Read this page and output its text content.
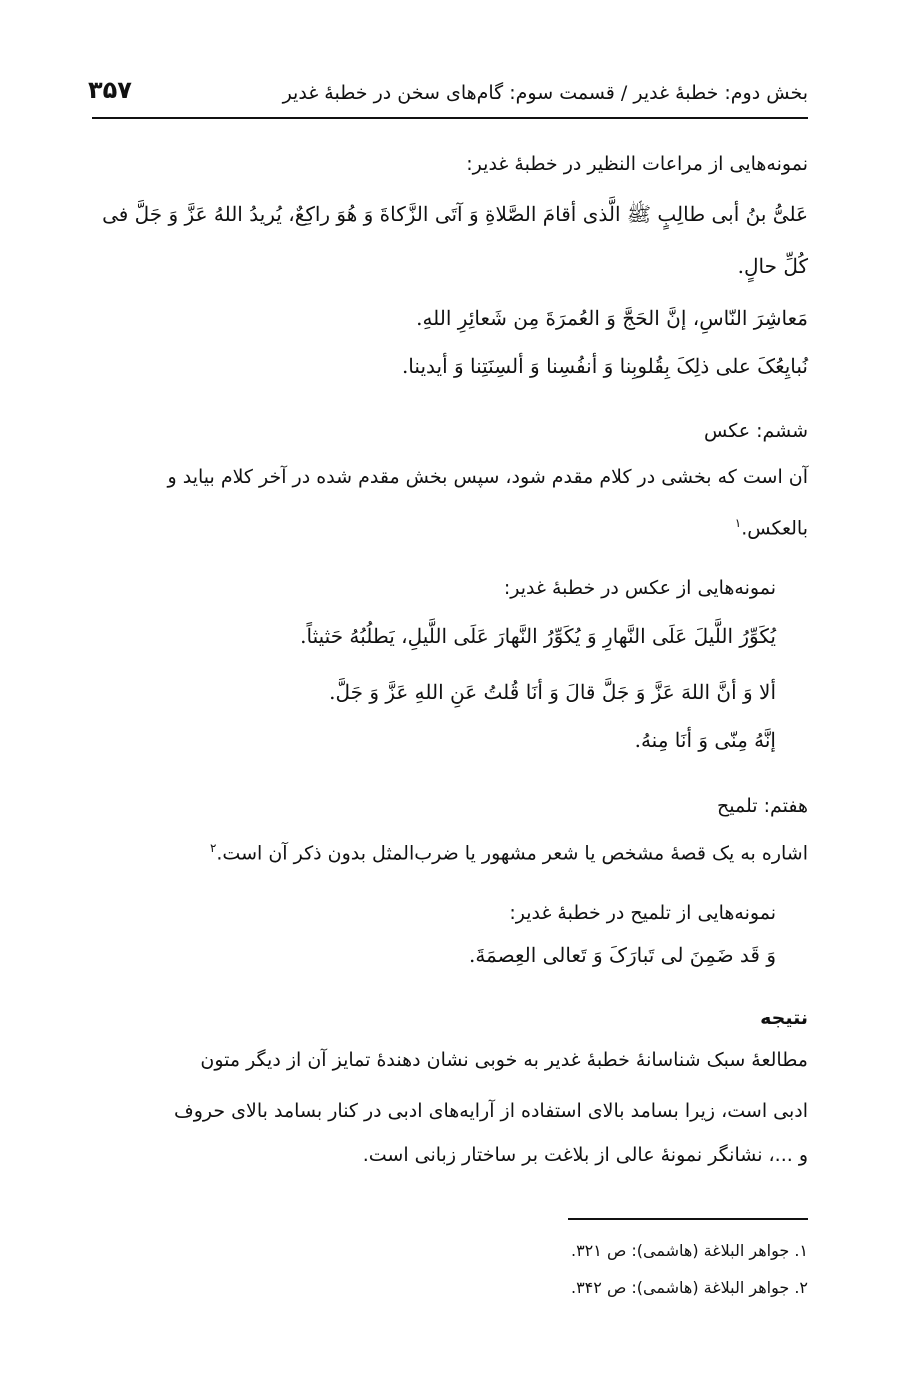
بخش دوم: خطبهٔ غدیر / قسمت سوم: گام‌های سخن در خطبهٔ غدیر
۳۵۷
نمونه‌هایی از مراعات النظیر در خطبهٔ غدیر:
عَلیُّ بنُ أبی طالِبٍ ﷺ الَّذی أقامَ الصَّلاةِ وَ آتَی الزَّکاةَ وَ هُوَ راکِعٌ، یُریدُ اللهُ عَزَّ وَ جَلَّ فی
کُلِّ حالٍ.
مَعاشِرَ النّاسِ، إنَّ الحَجَّ وَ العُمرَةَ مِن شَعائِرِ اللهِ.
نُبایِعُکَ علی ذلِکَ بِقُلوبِنا وَ أنفُسِنا وَ ألسِنَتِنا وَ أیدینا.
ششم: عکس
آن است که بخشی در کلام مقدم شود، سپس بخش مقدم شده در آخر کلام بیاید و
بالعکس.$^۱$
نمونه‌هایی از عکس در خطبهٔ غدیر:
یُکَوِّرُ اللَّیلَ عَلَی النَّهارِ وَ یُکَوِّرُ النَّهارَ عَلَی اللَّیلِ، یَطلُبُهُ حَثیثاً.
ألا وَ أنَّ اللهَ عَزَّ وَ جَلَّ قالَ وَ أنَا قُلتُ عَنِ اللهِ عَزَّ وَ جَلَّ.
إنَّهُ مِنّی وَ أنَا مِنهُ.
هفتم: تلمیح
اشاره به یک قصهٔ مشخص یا شعر مشهور یا ضرب‌المثل بدون ذکر آن است.$^۲$
نمونه‌هایی از تلمیح در خطبهٔ غدیر:
وَ قَد ضَمِنَ لی تَبارَکَ وَ تَعالی العِصمَةَ.
نتیجه
مطالعهٔ سبک شناسانهٔ خطبهٔ غدیر به خوبی نشان دهندهٔ تمایز آن از دیگر متون
ادبی است، زیرا بسامد بالای استفاده از آرایه‌های ادبی در کنار بسامد بالای حروف
و ...، نشانگر نمونهٔ عالی از بلاغت بر ساختار زبانی است.
۱. جواهر البلاغة (هاشمی): ص ۳۲۱.
۲. جواهر البلاغة (هاشمی): ص ۳۴۲.
